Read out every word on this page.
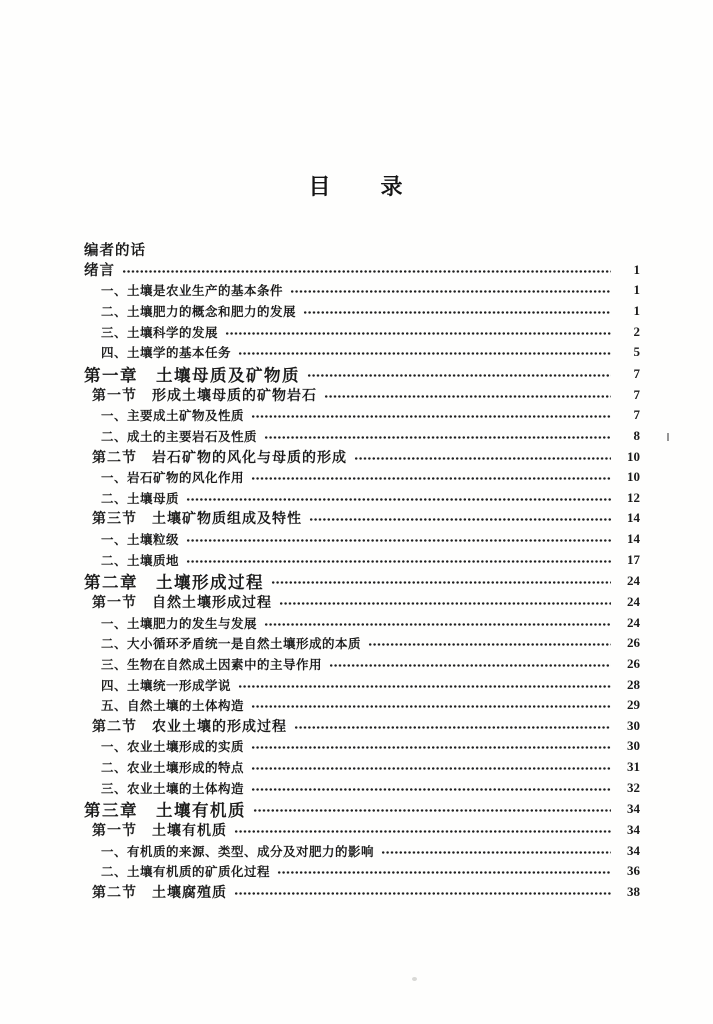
目　　录
编者的话
绪言	1
一、土壤是农业生产的基本条件	1
二、土壤肥力的概念和肥力的发展	1
三、土壤科学的发展	2
四、土壤学的基本任务	5
第一章　土壤母质及矿物质	7
第一节　形成土壤母质的矿物岩石	7
一、主要成土矿物及性质	7
二、成土的主要岩石及性质	8
第二节　岩石矿物的风化与母质的形成	10
一、岩石矿物的风化作用	10
二、土壤母质	12
第三节　土壤矿物质组成及特性	14
一、土壤粒级	14
二、土壤质地	17
第二章　土壤形成过程	24
第一节　自然土壤形成过程	24
一、土壤肥力的发生与发展	24
二、大小循环矛盾统一是自然土壤形成的本质	26
三、生物在自然成土因素中的主导作用	26
四、土壤统一形成学说	28
五、自然土壤的土体构造	29
第二节　农业土壤的形成过程	30
一、农业土壤形成的实质	30
二、农业土壤形成的特点	31
三、农业土壤的土体构造	32
第三章　土壤有机质	34
第一节　土壤有机质	34
一、有机质的来源、类型、成分及对肥力的影响	34
二、土壤有机质的矿质化过程	36
第二节　土壤腐殖质	38
